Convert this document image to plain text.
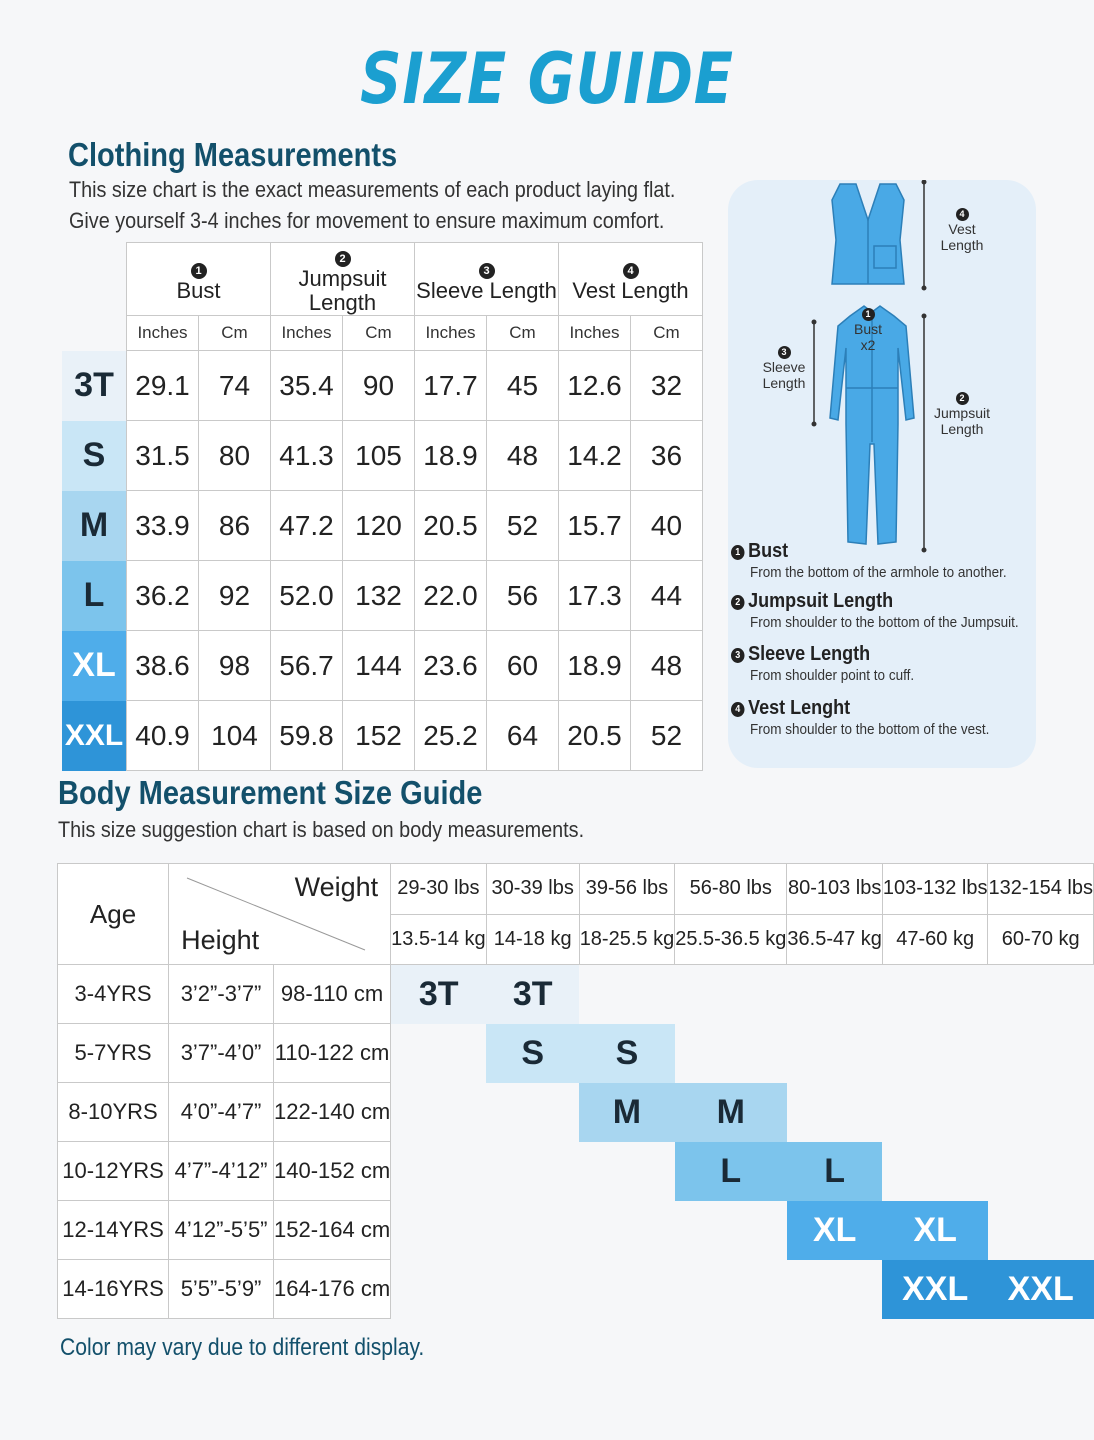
SIZE GUIDE
Clothing Measurements
This size chart is the exact measurements of each product laying flat.
Give yourself 3-4 inches for movement to ensure maximum comfort.
	1
Bust		2
Jumpsuit Length		3
Sleeve Length		4
Vest Length	
	Inches	Cm	Inches	Cm	Inches	Cm	Inches	Cm
3T	29.1	74	35.4	90	17.7	45	12.6	32
S	31.5	80	41.3	105	18.9	48	14.2	36
M	33.9	86	47.2	120	20.5	52	15.7	40
L	36.2	92	52.0	132	22.0	56	17.3	44
XL	38.6	98	56.7	144	23.6	60	18.9	48
XXL	40.9	104	59.8	152	25.2	64	20.5	52
4
Vest
Length
1
Bust
x2
3
Sleeve
Length
2
Jumpsuit
Length
1 Bust
From the bottom of the armhole to another.
2 Jumpsuit Length
From shoulder to the bottom of the Jumpsuit.
3 Sleeve Length
From shoulder point to cuff.
4 Vest Lenght
From shoulder to the bottom of the vest.
Body Measurement Size Guide
This size suggestion chart is based on body measurements.
Age	Weight
Height		29-30 lbs	30-39 lbs	39-56 lbs	56-80 lbs	80-103 lbs	103-132 lbs	132-154 lbs
			13.5-14 kg	14-18 kg	18-25.5 kg	25.5-36.5 kg	36.5-47 kg	47-60 kg	60-70 kg
3-4YRS	3’2”-3’7”	98-110 cm	3T	3T					
5-7YRS	3’7”-4’0”	110-122 cm		S	S				
8-10YRS	4’0”-4’7”	122-140 cm			M	M			
10-12YRS	4’7”-4’12”	140-152 cm				L	L		
12-14YRS	4’12”-5’5”	152-164 cm					XL	XL	
14-16YRS	5’5”-5’9”	164-176 cm						XXL	XXL
Color may vary due to different display.
